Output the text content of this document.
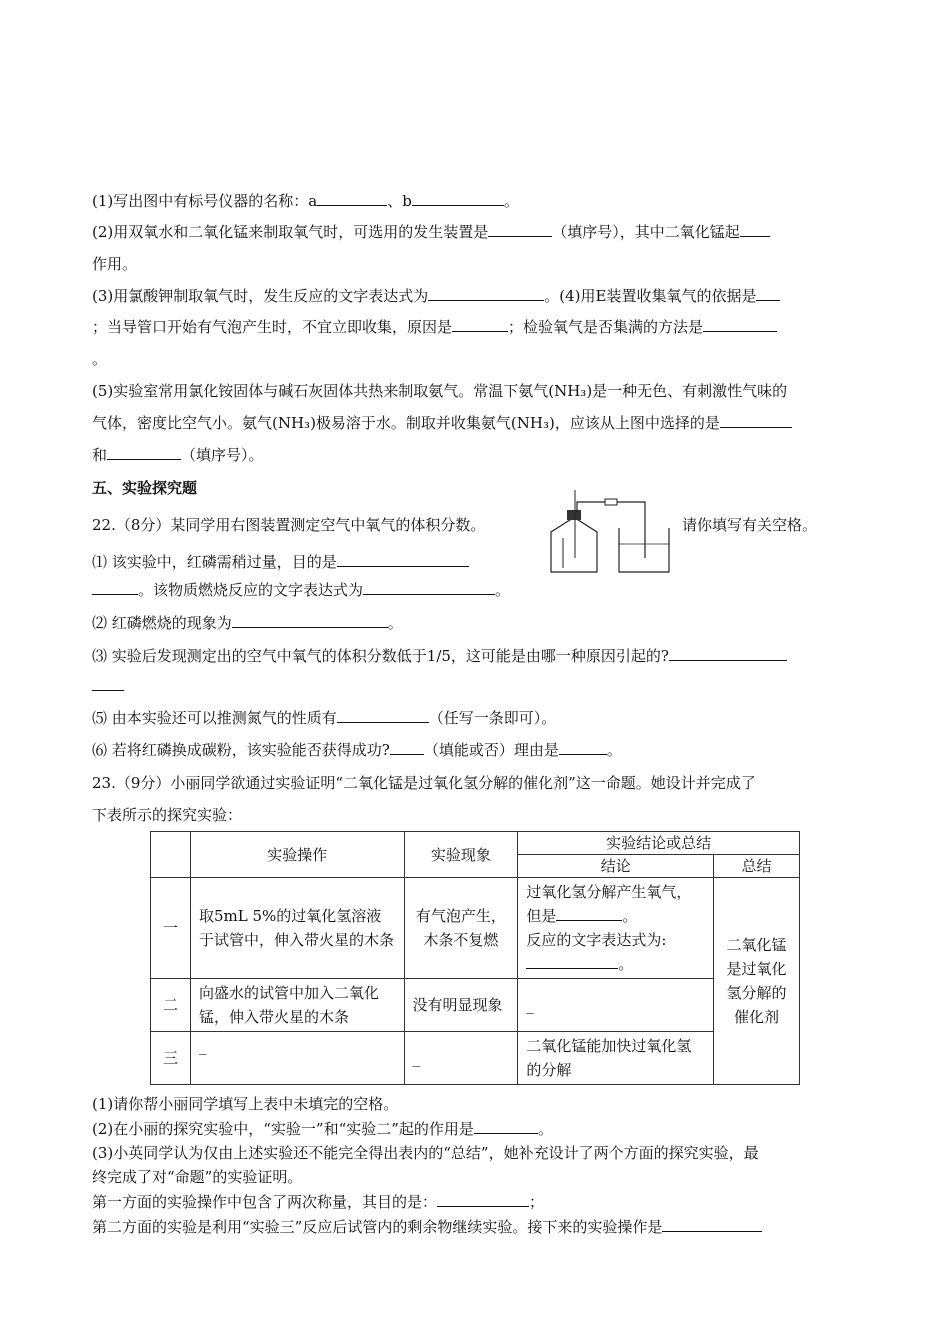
(1)写出图中有标号仪器的名称：a	、b	。
(2)用双氧水和二氧化锰来制取氧气时，可选用的发生装置是	（填序号），其中二氧化锰起
作用。
(3)用氯酸钾制取氧气时，发生反应的文字表达式为	。(4)用E装置收集氧气的依据是
；当导管口开始有气泡产生时，不宜立即收集，原因是	；检验氧气是否集满的方法是
。
(5)实验室常用氯化铵固体与碱石灰固体共热来制取氨气。常温下氨气(NH₃)是一种无色、有刺激性气味的
气体，密度比空气小。氨气(NH₃)极易溶于水。制取并收集氨气(NH₃)，应该从上图中选择的是
和	（填序号）。
五、实验探究题
22.（8分）某同学用右图装置测定空气中氧气的体积分数。	请你填写有关空格。
⑴ 该实验中，红磷需稍过量，目的是
。该物质燃烧反应的文字表达式为	。
⑵ 红磷燃烧的现象为	。
⑶ 实验后发现测定出的空气中氧气的体积分数低于1/5，这可能是由哪一种原因引起的?
⑸ 由本实验还可以推测氮气的性质有	（任写一条即可）。
⑹ 若将红磷换成碳粉，该实验能否获得成功? （填能或否）理由是	。
23.（9分）小丽同学欲通过实验证明“二氧化锰是过氧化氢分解的催化剂”这一命题。她设计并完成了
下表所示的探究实验：
	实验操作	实验现象	实验结论或总结	
			结论	总结
一	取5mL 5%的过氧化氢溶液于试管中，伸入带火星的木条	有气泡产生，木条不复燃	过氧化氢分解产生氧气，但是 。
反应的文字表达式为:
。	二氧化锰是过氧化氢分解的催化剂
二	向盛水的试管中加入二氧化锰，伸入带火星的木条	没有明显现象	_	
三	_	_	二氧化锰能加快过氧化氢的分解	
(1)请你帮小丽同学填写上表中未填完的空格。
(2)在小丽的探究实验中，“实验一”和“实验二”起的作用是	。
(3)小英同学认为仅由上述实验还不能完全得出表内的“总结”，她补充设计了两个方面的探究实验，最
终完成了对“命题”的实验证明。
第一方面的实验操作中包含了两次称量，其目的是：	；
第二方面的实验是利用“实验三”反应后试管内的剩余物继续实验。接下来的实验操作是
